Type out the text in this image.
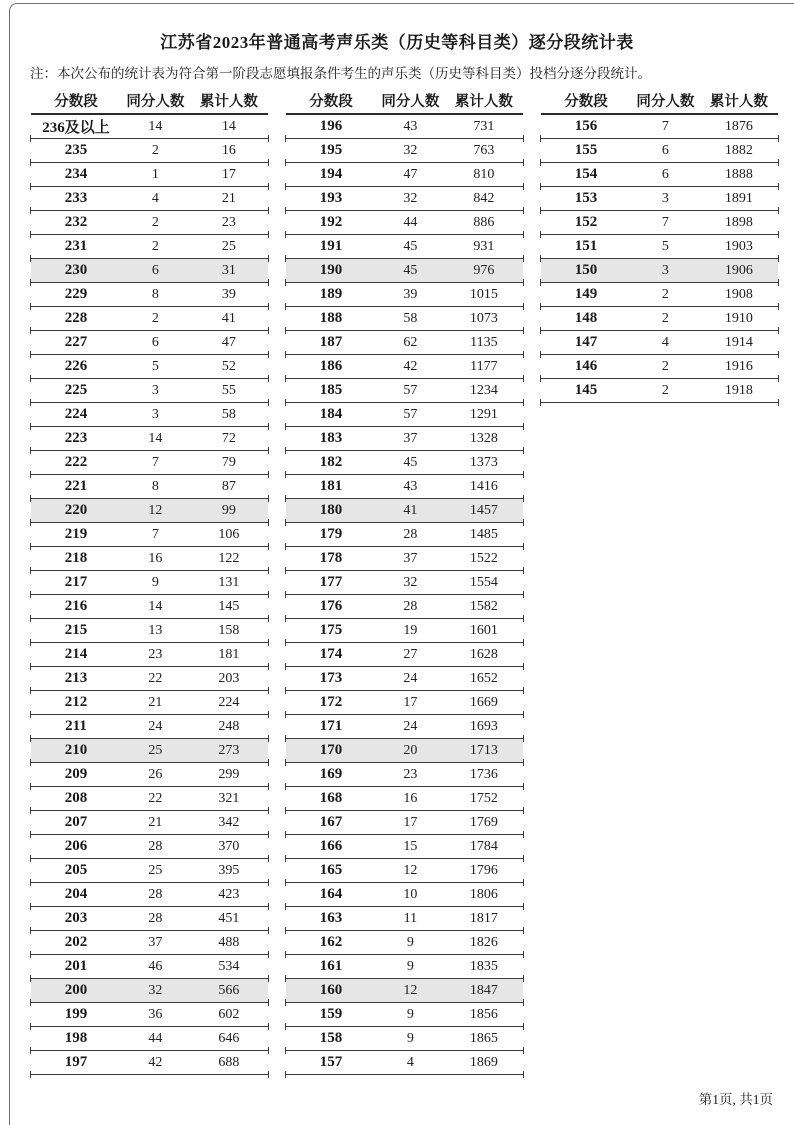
江苏省2023年普通高考声乐类（历史等科目类）逐分段统计表

注：本次公布的统计表为符合第一阶段志愿填报条件考生的声乐类（历史等科目类）投档分逐分段统计。

分数段	同分人数	累计人数
236及以上	14	14
235	2	16
234	1	17
233	4	21
232	2	23
231	2	25
230	6	31
229	8	39
228	2	41
227	6	47
226	5	52
225	3	55
224	3	58
223	14	72
222	7	79
221	8	87
220	12	99
219	7	106
218	16	122
217	9	131
216	14	145
215	13	158
214	23	181
213	22	203
212	21	224
211	24	248
210	25	273
209	26	299
208	22	321
207	21	342
206	28	370
205	25	395
204	28	423
203	28	451
202	37	488
201	46	534
200	32	566
199	36	602
198	44	646
197	42	688
分数段	同分人数	累计人数
196	43	731
195	32	763
194	47	810
193	32	842
192	44	886
191	45	931
190	45	976
189	39	1015
188	58	1073
187	62	1135
186	42	1177
185	57	1234
184	57	1291
183	37	1328
182	45	1373
181	43	1416
180	41	1457
179	28	1485
178	37	1522
177	32	1554
176	28	1582
175	19	1601
174	27	1628
173	24	1652
172	17	1669
171	24	1693
170	20	1713
169	23	1736
168	16	1752
167	17	1769
166	15	1784
165	12	1796
164	10	1806
163	11	1817
162	9	1826
161	9	1835
160	12	1847
159	9	1856
158	9	1865
157	4	1869
分数段	同分人数	累计人数
156	7	1876
155	6	1882
154	6	1888
153	3	1891
152	7	1898
151	5	1903
150	3	1906
149	2	1908
148	2	1910
147	4	1914
146	2	1916
145	2	1918
第1页, 共1页
